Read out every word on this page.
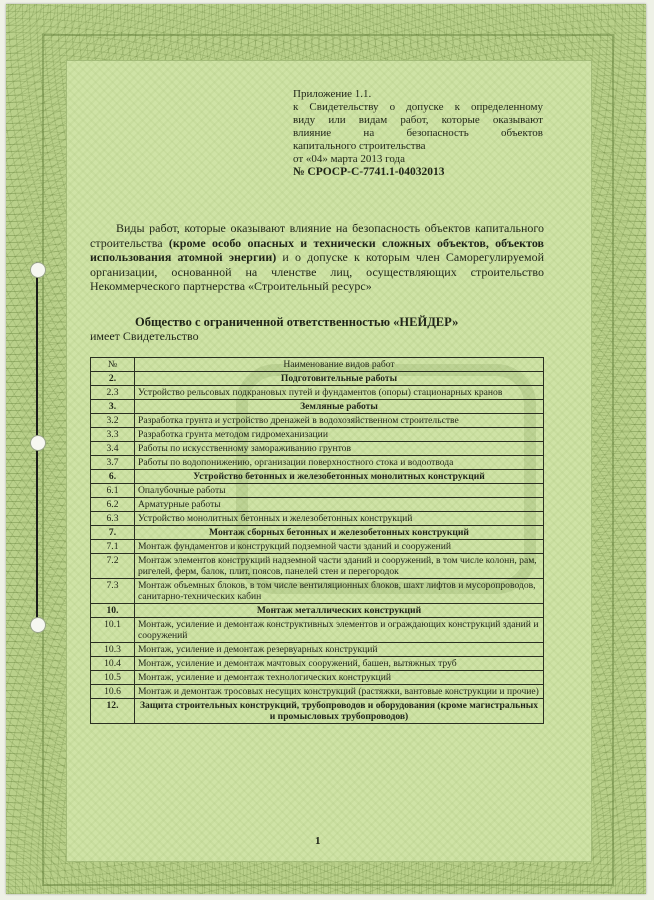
Приложение 1.1.
к Свидетельству о допуске к определенному
виду или видам работ, которые оказывают
влияние на безопасность объектов
капитального строительства
от «04» марта 2013 года
№ СРОСР-С-7741.1-04032013
Виды работ, которые оказывают влияние на безопасность объектов капитального строительства (кроме особо опасных и технически сложных объектов, объектов использования атомной энергии) и о допуске к которым член Саморегулируемой организации, основанной на членстве лиц, осуществляющих строительство Некоммерческого партнерства «Строительный ресурс»
Общество с ограниченной ответственностью «НЕЙДЕР»
имеет Свидетельство
№	Наименование видов работ
2.	Подготовительные работы
2.3	Устройство рельсовых подкрановых путей и фундаментов (опоры) стационарных кранов
3.	Земляные работы
3.2	Разработка грунта и устройство дренажей в водохозяйственном строительстве
3.3	Разработка грунта методом гидромеханизации
3.4	Работы по искусственному замораживанию грунтов
3.7	Работы по водопонижению, организации поверхностного стока и водоотвода
6.	Устройство бетонных и железобетонных монолитных конструкций
6.1	Опалубочные работы
6.2	Арматурные работы
6.3	Устройство монолитных бетонных и железобетонных конструкций
7.	Монтаж сборных бетонных и железобетонных конструкций
7.1	Монтаж фундаментов и конструкций подземной части зданий и сооружений
7.2	Монтаж элементов конструкций надземной части зданий и сооружений, в том числе колонн, рам, ригелей, ферм, балок, плит, поясов, панелей стен и перегородок
7.3	Монтаж объемных блоков, в том числе вентиляционных блоков, шахт лифтов и мусоропроводов, санитарно-технических кабин
10.	Монтаж металлических конструкций
10.1	Монтаж, усиление и демонтаж конструктивных элементов и ограждающих конструкций зданий и сооружений
10.3	Монтаж, усиление и демонтаж резервуарных конструкций
10.4	Монтаж, усиление и демонтаж мачтовых сооружений, башен, вытяжных труб
10.5	Монтаж, усиление и демонтаж технологических конструкций
10.6	Монтаж и демонтаж тросовых несущих конструкций (растяжки, вантовые конструкции и прочие)
12.	Защита строительных конструкций, трубопроводов и оборудования (кроме магистральных и промысловых трубопроводов)
1
